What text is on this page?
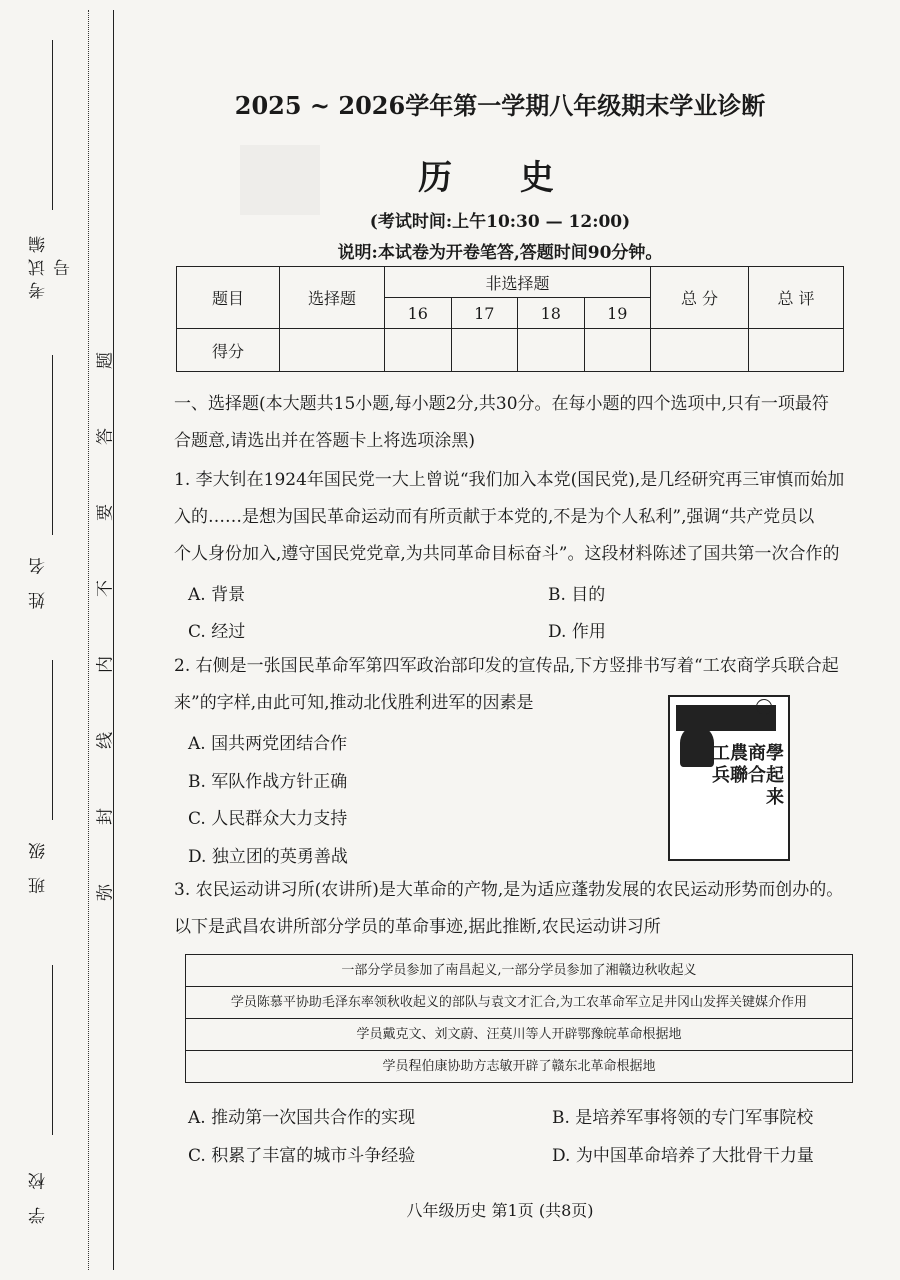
考试编号
姓 名
班 级
学 校
题
答
要
不
内
线
封
弥
2025 ~ 2026学年第一学期八年级期末学业诊断
历 史
(考试时间:上午10:30 — 12:00)
说明:本试卷为开卷笔答,答题时间90分钟。
题目	选择题	非选择题				总 分	总 评
		16	17	18	19		
得分							
一、选择题(本大题共15小题,每小题2分,共30分。在每小题的四个选项中,只有一项最符
合题意,请选出并在答题卡上将选项涂黑)
1. 李大钊在1924年国民党一大上曾说“我们加入本党(国民党),是几经研究再三审慎而始加
入的……是想为国民革命运动而有所贡献于本党的,不是为个人私利”,强调“共产党员以
个人身份加入,遵守国民党党章,为共同革命目标奋斗”。这段材料陈述了国共第一次合作的
A. 背景	B. 目的
C. 经过	D. 作用
2. 右侧是一张国民革命军第四军政治部印发的宣传品,下方竖排书写着“工农商学兵联合起
来”的字样,由此可知,推动北伐胜利进军的因素是
A. 国共两党团结合作
B. 军队作战方针正确
C. 人民群众大力支持
D. 独立团的英勇善战
工農商學兵聯合起来
3. 农民运动讲习所(农讲所)是大革命的产物,是为适应蓬勃发展的农民运动形势而创办的。
以下是武昌农讲所部分学员的革命事迹,据此推断,农民运动讲习所
一部分学员参加了南昌起义,一部分学员参加了湘赣边秋收起义
学员陈慕平协助毛泽东率领秋收起义的部队与袁文才汇合,为工农革命军立足井冈山发挥关键媒介作用
学员戴克文、刘文蔚、汪莫川等人开辟鄂豫皖革命根据地
学员程伯康协助方志敏开辟了赣东北革命根据地
A. 推动第一次国共合作的实现	B. 是培养军事将领的专门军事院校
C. 积累了丰富的城市斗争经验	D. 为中国革命培养了大批骨干力量
八年级历史 第1页 (共8页)
